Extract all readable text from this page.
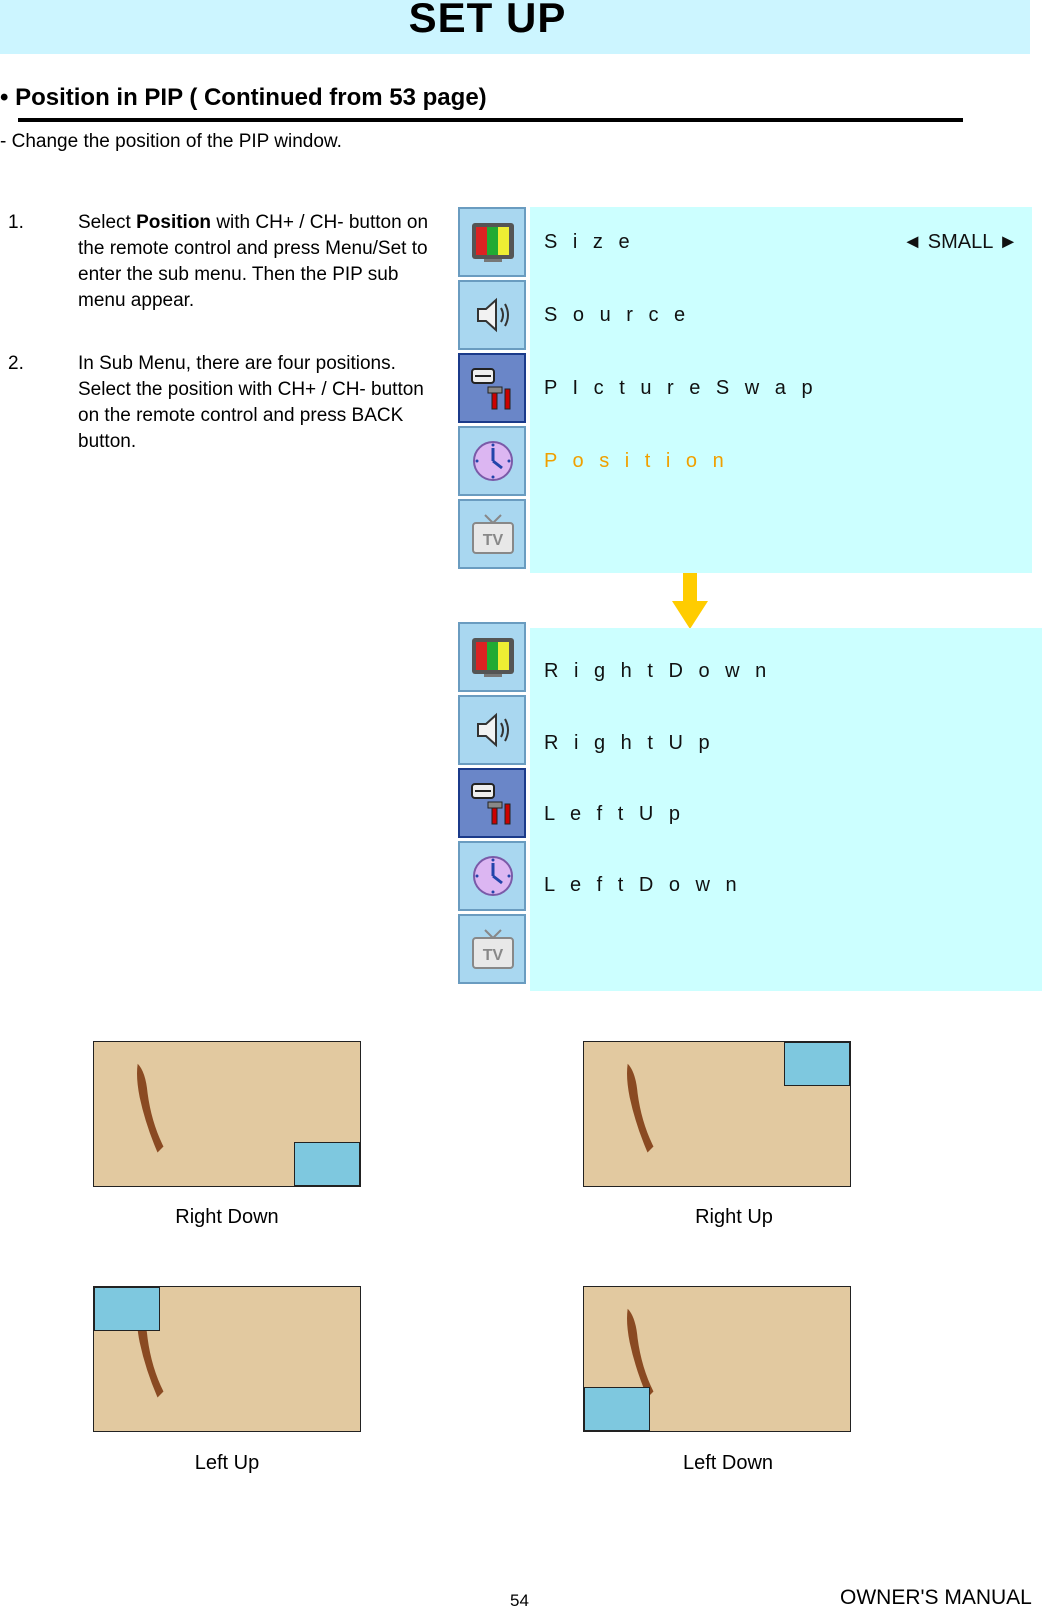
SET UP
• Position in PIP ( Continued from 53 page)
- Change the position of the PIP window.
1.	Select Position with CH+ / CH- button on the remote control and press Menu/Set to enter the sub menu. Then the PIP sub menu appear.
2.	In Sub Menu, there are four positions. Select the position with CH+ / CH- button on the remote control and press BACK button.
TV
S i z e	◄ SMALL ►
S o u r c e
P I c t u r e S w a p
P o s i t i o n
TV
R i g h t D o w n
R i g h t U p
L e f t U p
L e f t D o w n
Right Down	Right Up
Left Up	Left Down
54	OWNER'S MANUAL
